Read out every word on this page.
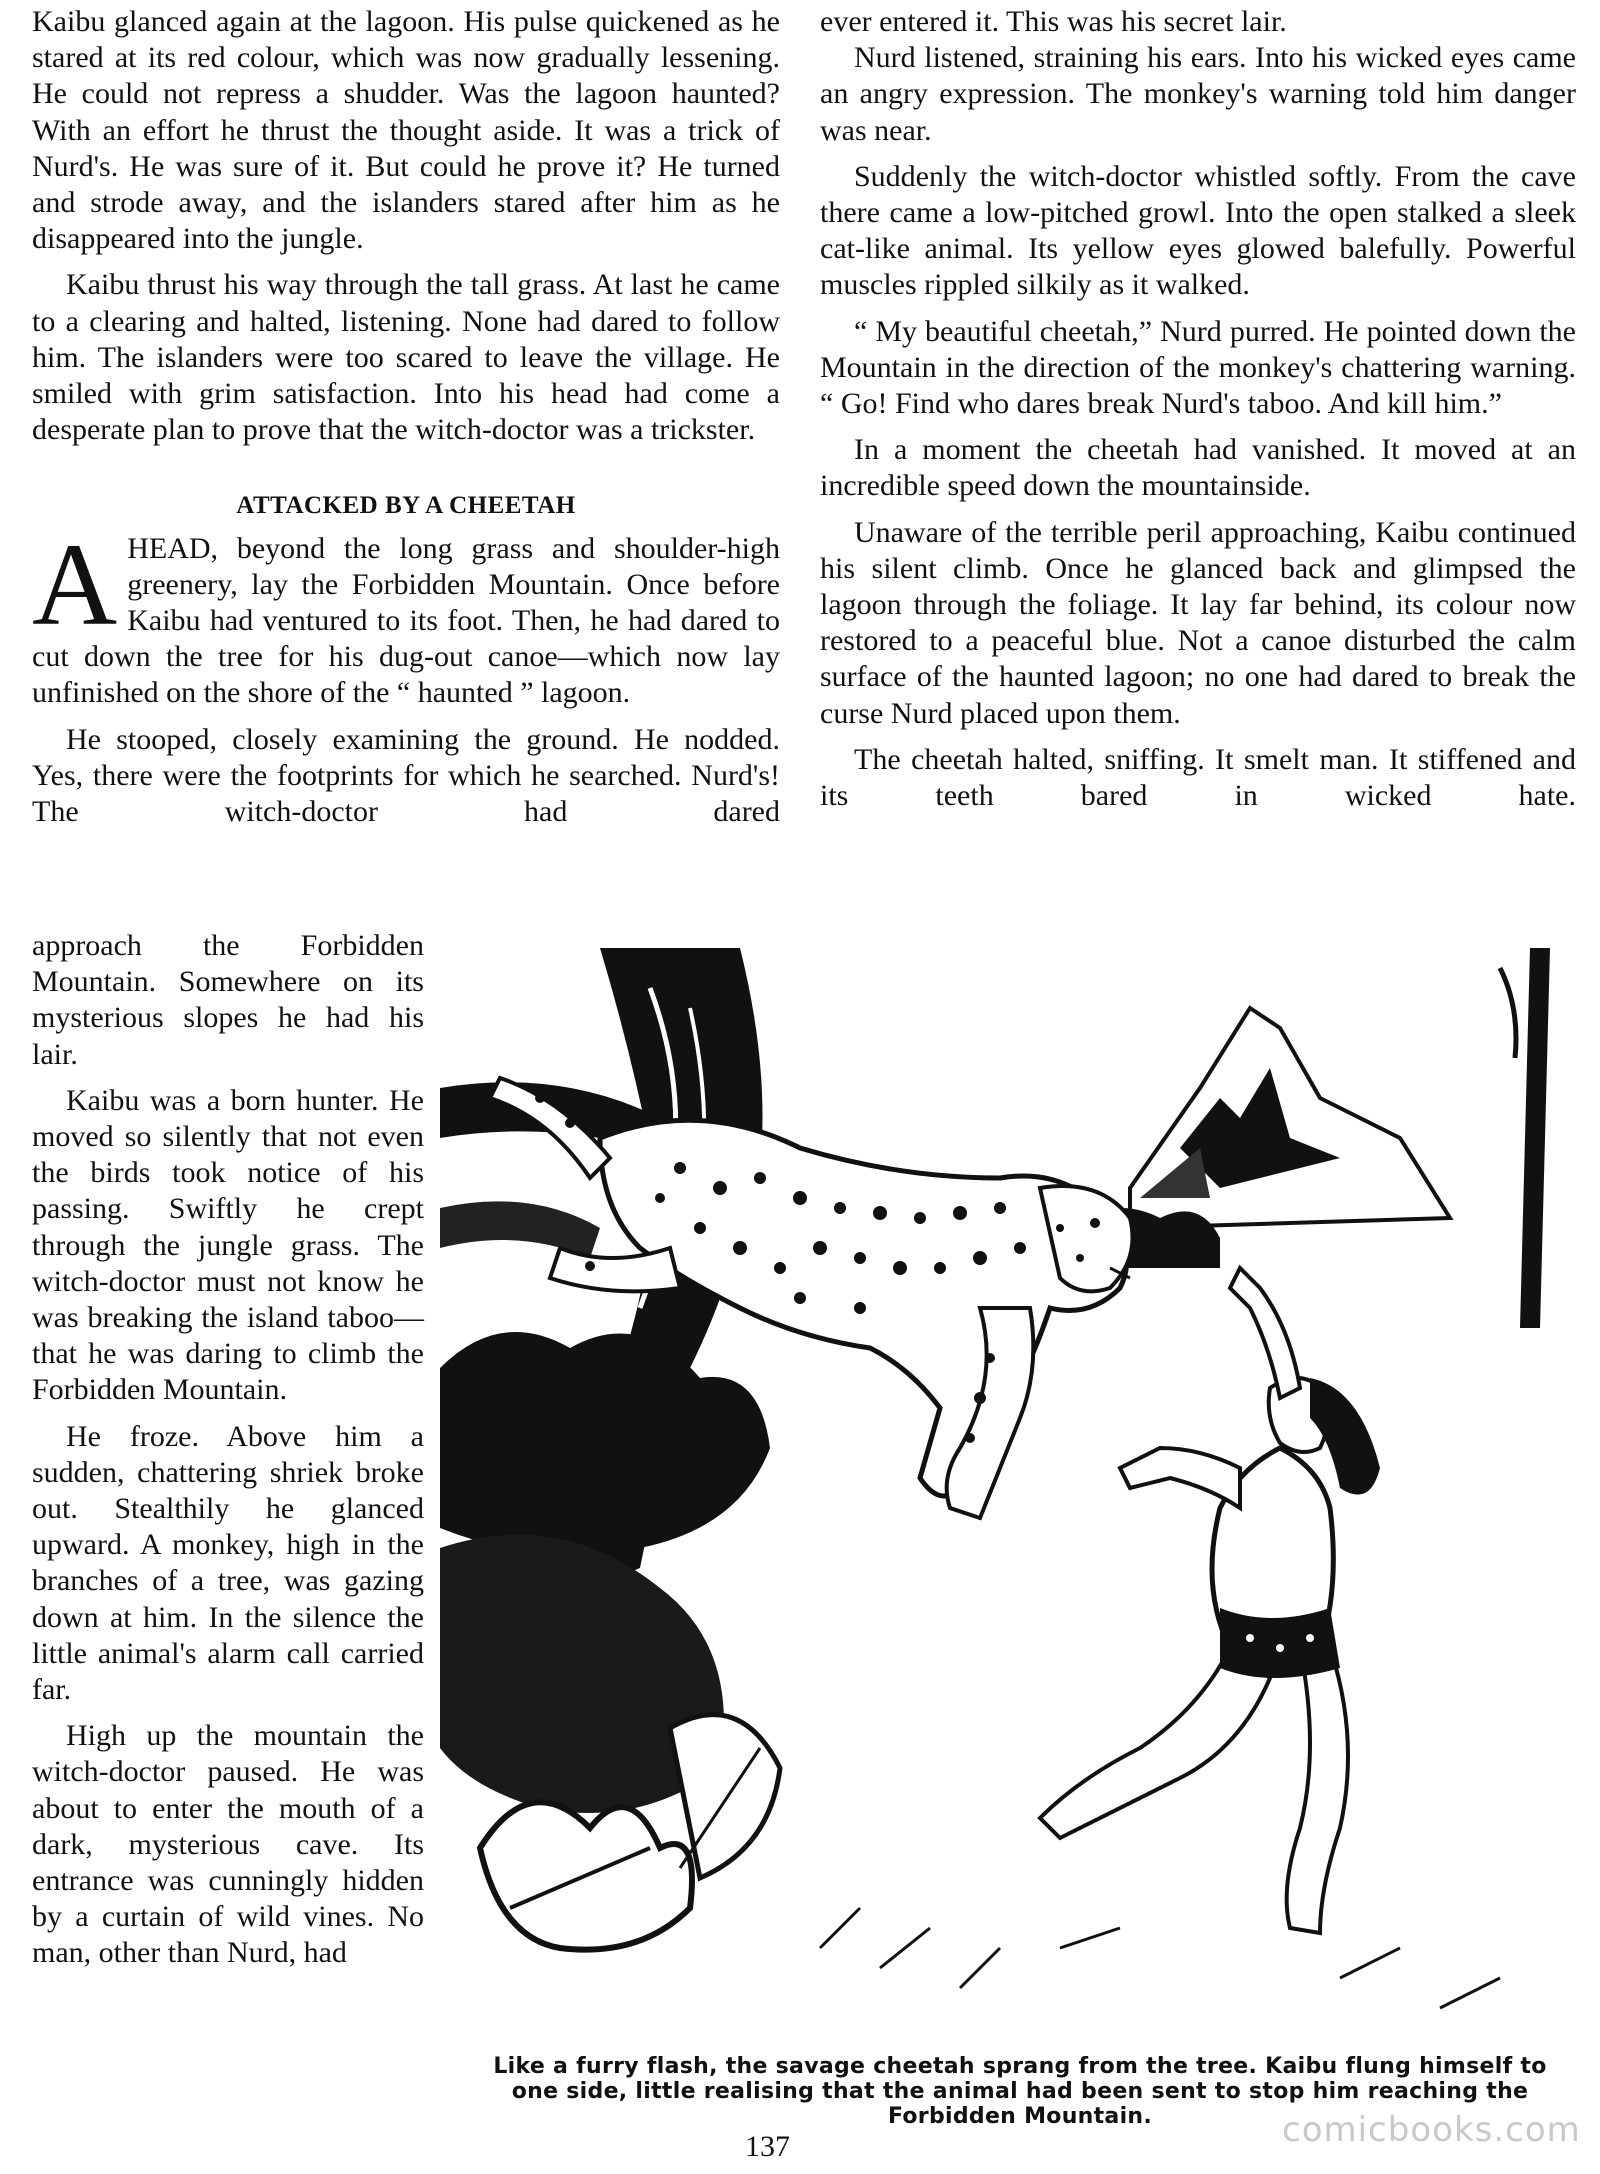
Kaibu glanced again at the lagoon. His pulse quickened as he stared at its red colour, which was now gradually lessening. He could not repress a shudder. Was the lagoon haunted? With an effort he thrust the thought aside. It was a trick of Nurd's. He was sure of it. But could he prove it? He turned and strode away, and the islanders stared after him as he disappeared into the jungle.

Kaibu thrust his way through the tall grass. At last he came to a clearing and halted, listening. None had dared to follow him. The islanders were too scared to leave the village. He smiled with grim satisfaction. Into his head had come a desperate plan to prove that the witch-doctor was a trickster.

ATTACKED BY A CHEETAH

AHEAD, beyond the long grass and shoulder-high greenery, lay the Forbidden Mountain. Once before Kaibu had ventured to its foot. Then, he had dared to cut down the tree for his dug-out canoe—which now lay unfinished on the shore of the “ haunted ” lagoon.

He stooped, closely examining the ground. He nodded. Yes, there were the footprints for which he searched. Nurd's! The witch-doctor had dared

approach the Forbidden Mountain. Somewhere on its mysterious slopes he had his lair.

Kaibu was a born hunter. He moved so silently that not even the birds took notice of his passing. Swiftly he crept through the jungle grass. The witch-doctor must not know he was breaking the island taboo—that he was daring to climb the Forbidden Mountain.

He froze. Above him a sudden, chattering shriek broke out. Stealthily he glanced upward. A monkey, high in the branches of a tree, was gazing down at him. In the silence the little animal's alarm call carried far.

High up the mountain the witch-doctor paused. He was about to enter the mouth of a dark, mysterious cave. Its entrance was cunningly hidden by a curtain of wild vines. No man, other than Nurd, had

ever entered it. This was his secret lair.

Nurd listened, straining his ears. Into his wicked eyes came an angry expression. The monkey's warning told him danger was near.

Suddenly the witch-doctor whistled softly. From the cave there came a low-pitched growl. Into the open stalked a sleek cat-like animal. Its yellow eyes glowed balefully. Powerful muscles rippled silkily as it walked.

“ My beautiful cheetah,” Nurd purred. He pointed down the Mountain in the direction of the monkey's chattering warning. “ Go! Find who dares break Nurd's taboo. And kill him.”

In a moment the cheetah had vanished. It moved at an incredible speed down the mountainside.

Unaware of the terrible peril approaching, Kaibu continued his silent climb. Once he glanced back and glimpsed the lagoon through the foliage. It lay far behind, its colour now restored to a peaceful blue. Not a canoe disturbed the calm surface of the haunted lagoon; no one had dared to break the curse Nurd placed upon them.

The cheetah halted, sniffing. It smelt man. It stiffened and its teeth bared in wicked hate.

Like a furry flash, the savage cheetah sprang from the tree. Kaibu flung himself to one side, little realising that the animal had been sent to stop him reaching the Forbidden Mountain.
137	comicbooks.com
